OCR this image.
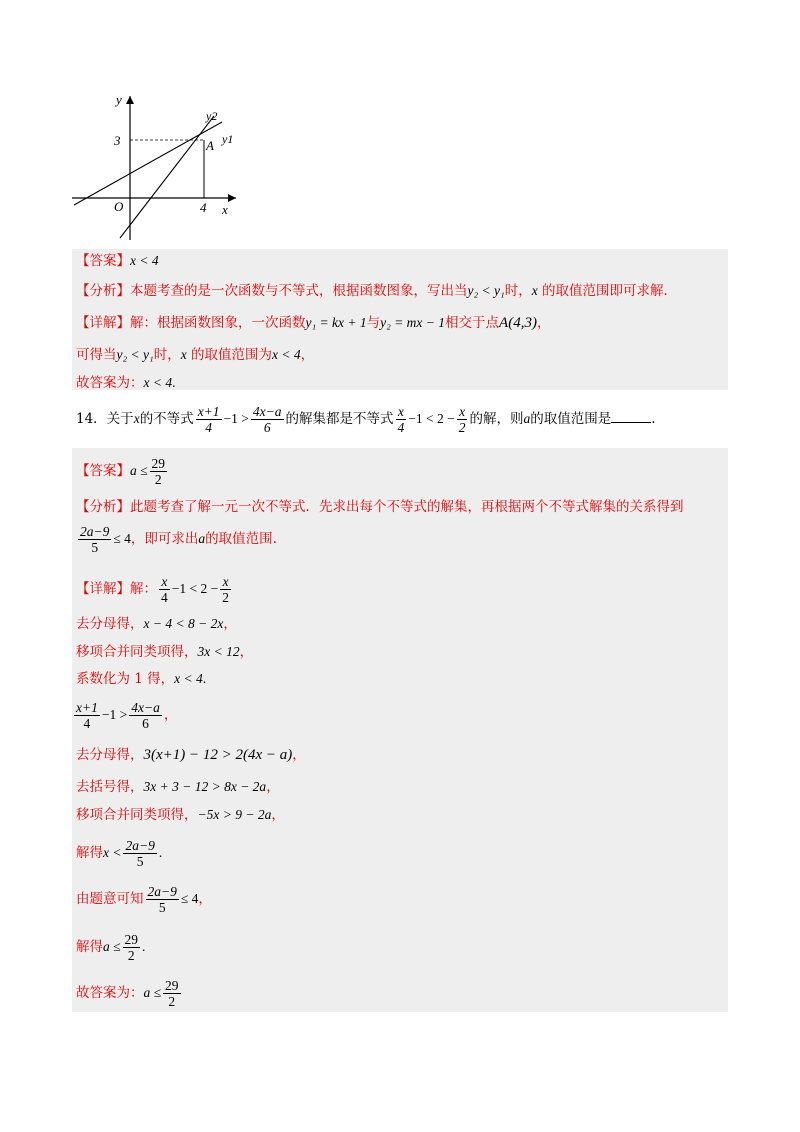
y
x
O
3
4
A y1
y2
【答案】x < 4
【分析】本题考查的是一次函数与不等式，根据函数图象，写出当y₂ < y₁时，x 的取值范围即可求解.
【详解】解：根据函数图象，一次函数y₁ = kx + 1与y₂ = mx − 1相交于点A(4,3)，
可得当y₂ < y₁时，x 的取值范围为x < 4，
故答案为：x < 4.
14．关于x的不等式 $\frac{x+1}{4} -1 > \frac{4x-a}{6}$ 的解集都是不等式 $\frac{x}{4} -1 < 2 - \frac{x}{2}$ 的解，则a的取值范围是	.
【答案】$a \le \frac{29}{2}$
【分析】此题考查了解一元一次不等式．先求出每个不等式的解集，再根据两个不等式解集的关系得到
$\frac{2a-9}{5} \le 4$，即可求出a的取值范围.
【详解】解： $\frac{x}{4} -1 < 2 - \frac{x}{2}$
去分母得，x − 4 < 8 − 2x，
移项合并同类项得，3x < 12，
系数化为 1 得，x < 4.
$\frac{x+1}{4} -1 > \frac{4x-a}{6}$ ，
去分母得，3(x+1) − 12 > 2(4x − a)，
去括号得，3x + 3 − 12 > 8x − 2a，
移项合并同类项得，−5x > 9 − 2a，
解得$x < \frac{2a-9}{5}$ .
由题意可知 $\frac{2a-9}{5} \le 4$，
解得$a \le \frac{29}{2}$ .
故答案为：$a \le \frac{29}{2}$
